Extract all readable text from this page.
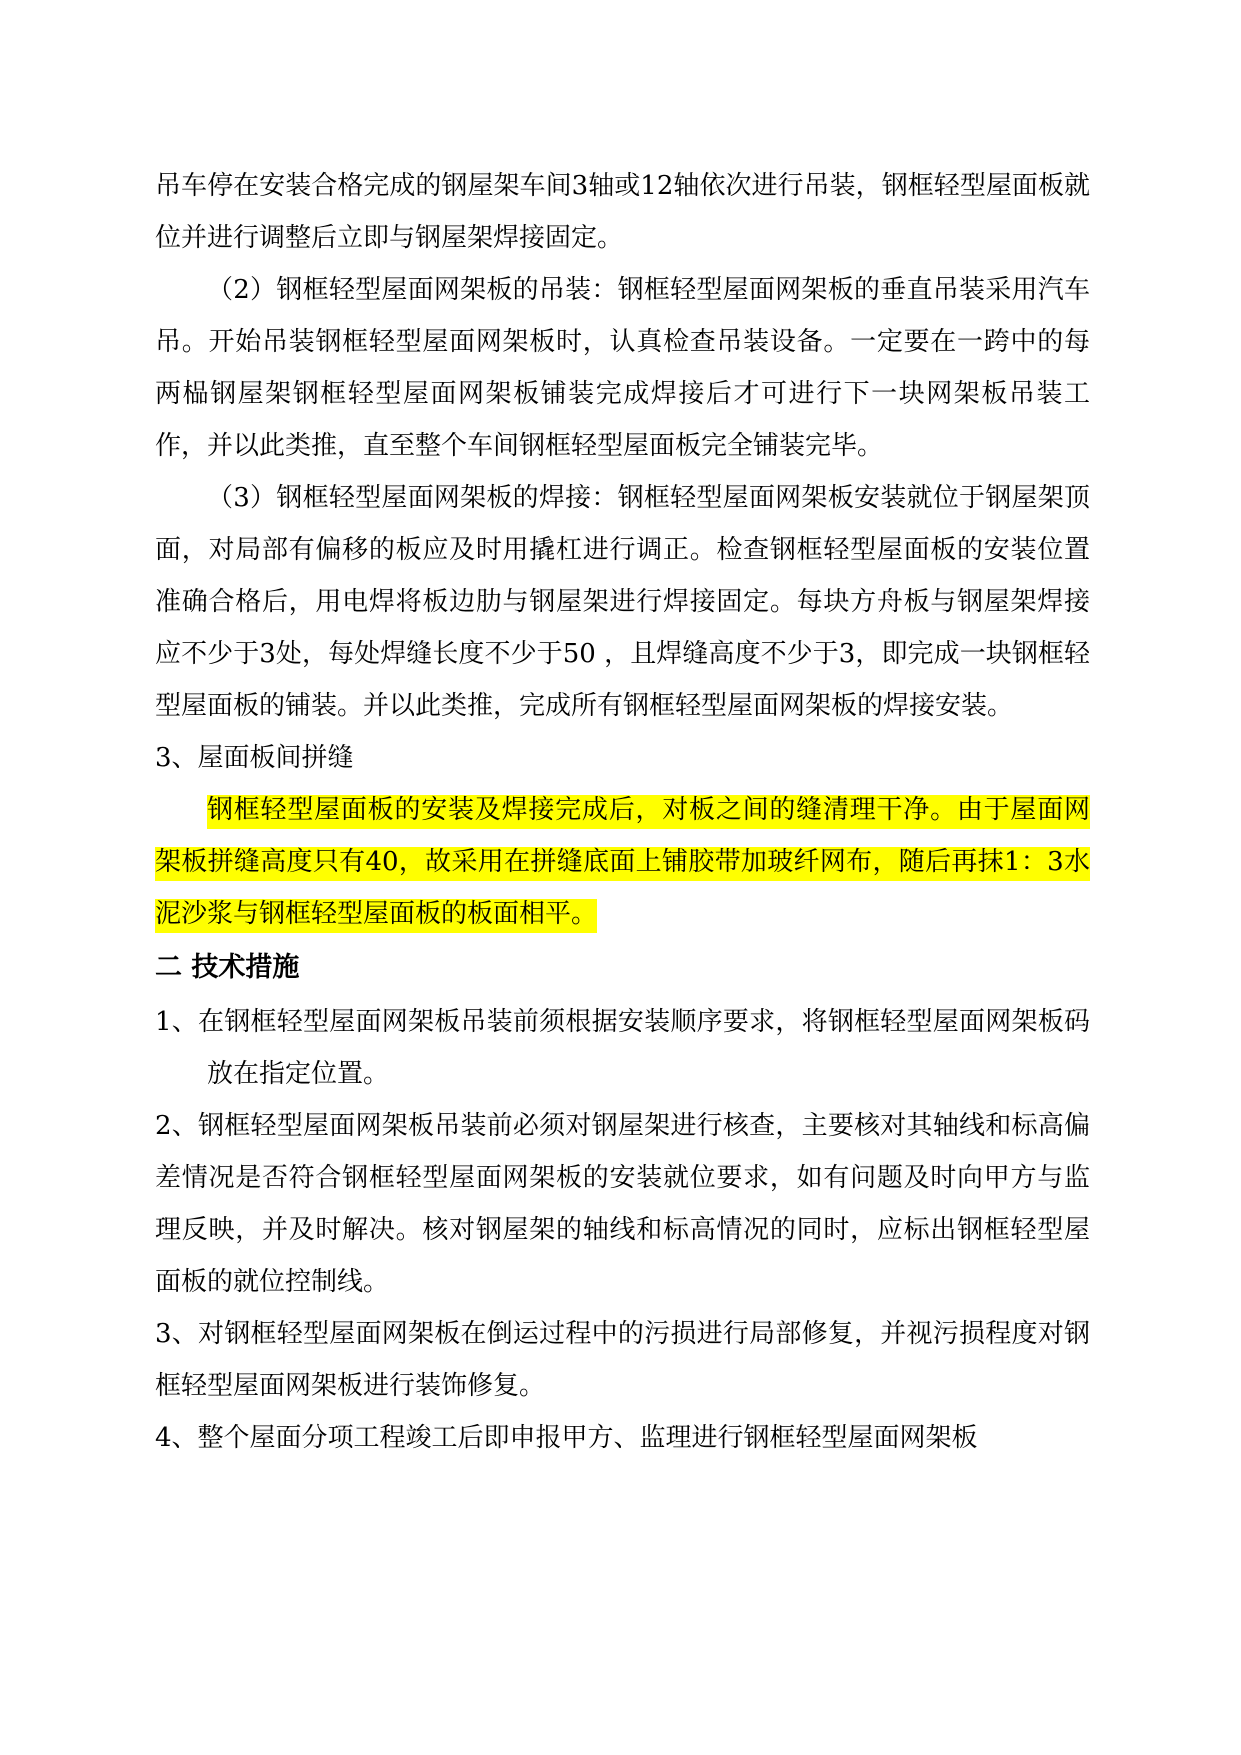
吊车停在安装合格完成的钢屋架车间3轴或12轴依次进行吊装，钢框轻型屋面板就位并进行调整后立即与钢屋架焊接固定。

（2）钢框轻型屋面网架板的吊装：钢框轻型屋面网架板的垂直吊装采用汽车吊。开始吊装钢框轻型屋面网架板时，认真检查吊装设备。一定要在一跨中的每两榀钢屋架钢框轻型屋面网架板铺装完成焊接后才可进行下一块网架板吊装工作，并以此类推，直至整个车间钢框轻型屋面板完全铺装完毕。

（3）钢框轻型屋面网架板的焊接：钢框轻型屋面网架板安装就位于钢屋架顶面，对局部有偏移的板应及时用撬杠进行调正。检查钢框轻型屋面板的安装位置准确合格后，用电焊将板边肋与钢屋架进行焊接固定。每块方舟板与钢屋架焊接应不少于3处，每处焊缝长度不少于50 ，且焊缝高度不少于3，即完成一块钢框轻型屋面板的铺装。并以此类推，完成所有钢框轻型屋面网架板的焊接安装。

3、屋面板间拼缝

钢框轻型屋面板的安装及焊接完成后，对板之间的缝清理干净。由于屋面网架板拼缝高度只有40，故采用在拼缝底面上铺胶带加玻纤网布，随后再抹1：3水泥沙浆与钢框轻型屋面板的板面相平。

二 技术措施

1、在钢框轻型屋面网架板吊装前须根据安装顺序要求，将钢框轻型屋面网架板码放在指定位置。

2、钢框轻型屋面网架板吊装前必须对钢屋架进行核查，主要核对其轴线和标高偏差情况是否符合钢框轻型屋面网架板的安装就位要求，如有问题及时向甲方与监理反映，并及时解决。核对钢屋架的轴线和标高情况的同时，应标出钢框轻型屋面板的就位控制线。

3、对钢框轻型屋面网架板在倒运过程中的污损进行局部修复，并视污损程度对钢框轻型屋面网架板进行装饰修复。

4、整个屋面分项工程竣工后即申报甲方、监理进行钢框轻型屋面网架板
